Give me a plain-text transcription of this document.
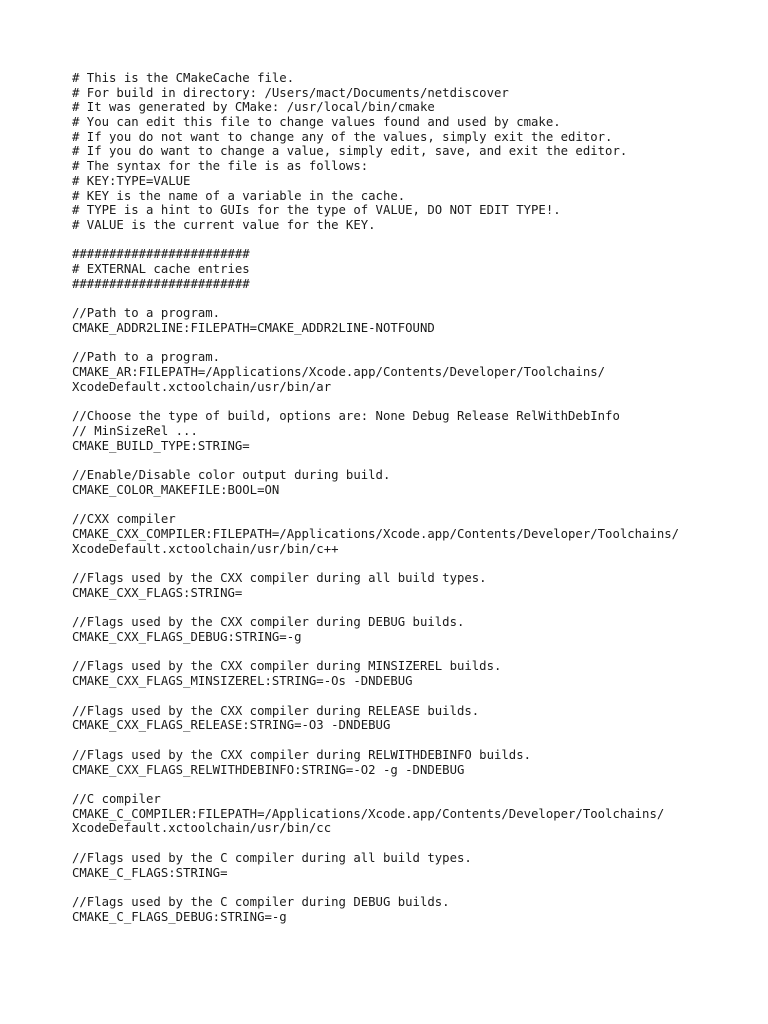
# This is the CMakeCache file.
# For build in directory: /Users/mact/Documents/netdiscover
# It was generated by CMake: /usr/local/bin/cmake
# You can edit this file to change values found and used by cmake.
# If you do not want to change any of the values, simply exit the editor.
# If you do want to change a value, simply edit, save, and exit the editor.
# The syntax for the file is as follows:
# KEY:TYPE=VALUE
# KEY is the name of a variable in the cache.
# TYPE is a hint to GUIs for the type of VALUE, DO NOT EDIT TYPE!.
# VALUE is the current value for the KEY.
########################
# EXTERNAL cache entries
########################
//Path to a program.
CMAKE_ADDR2LINE:FILEPATH=CMAKE_ADDR2LINE-NOTFOUND
//Path to a program.
CMAKE_AR:FILEPATH=/Applications/Xcode.app/Contents/Developer/Toolchains/
XcodeDefault.xctoolchain/usr/bin/ar
//Choose the type of build, options are: None Debug Release RelWithDebInfo
// MinSizeRel ...
CMAKE_BUILD_TYPE:STRING=
//Enable/Disable color output during build.
CMAKE_COLOR_MAKEFILE:BOOL=ON
//CXX compiler
CMAKE_CXX_COMPILER:FILEPATH=/Applications/Xcode.app/Contents/Developer/Toolchains/
XcodeDefault.xctoolchain/usr/bin/c++
//Flags used by the CXX compiler during all build types.
CMAKE_CXX_FLAGS:STRING=
//Flags used by the CXX compiler during DEBUG builds.
CMAKE_CXX_FLAGS_DEBUG:STRING=-g
//Flags used by the CXX compiler during MINSIZEREL builds.
CMAKE_CXX_FLAGS_MINSIZEREL:STRING=-Os -DNDEBUG
//Flags used by the CXX compiler during RELEASE builds.
CMAKE_CXX_FLAGS_RELEASE:STRING=-O3 -DNDEBUG
//Flags used by the CXX compiler during RELWITHDEBINFO builds.
CMAKE_CXX_FLAGS_RELWITHDEBINFO:STRING=-O2 -g -DNDEBUG
//C compiler
CMAKE_C_COMPILER:FILEPATH=/Applications/Xcode.app/Contents/Developer/Toolchains/
XcodeDefault.xctoolchain/usr/bin/cc
//Flags used by the C compiler during all build types.
CMAKE_C_FLAGS:STRING=
//Flags used by the C compiler during DEBUG builds.
CMAKE_C_FLAGS_DEBUG:STRING=-g
